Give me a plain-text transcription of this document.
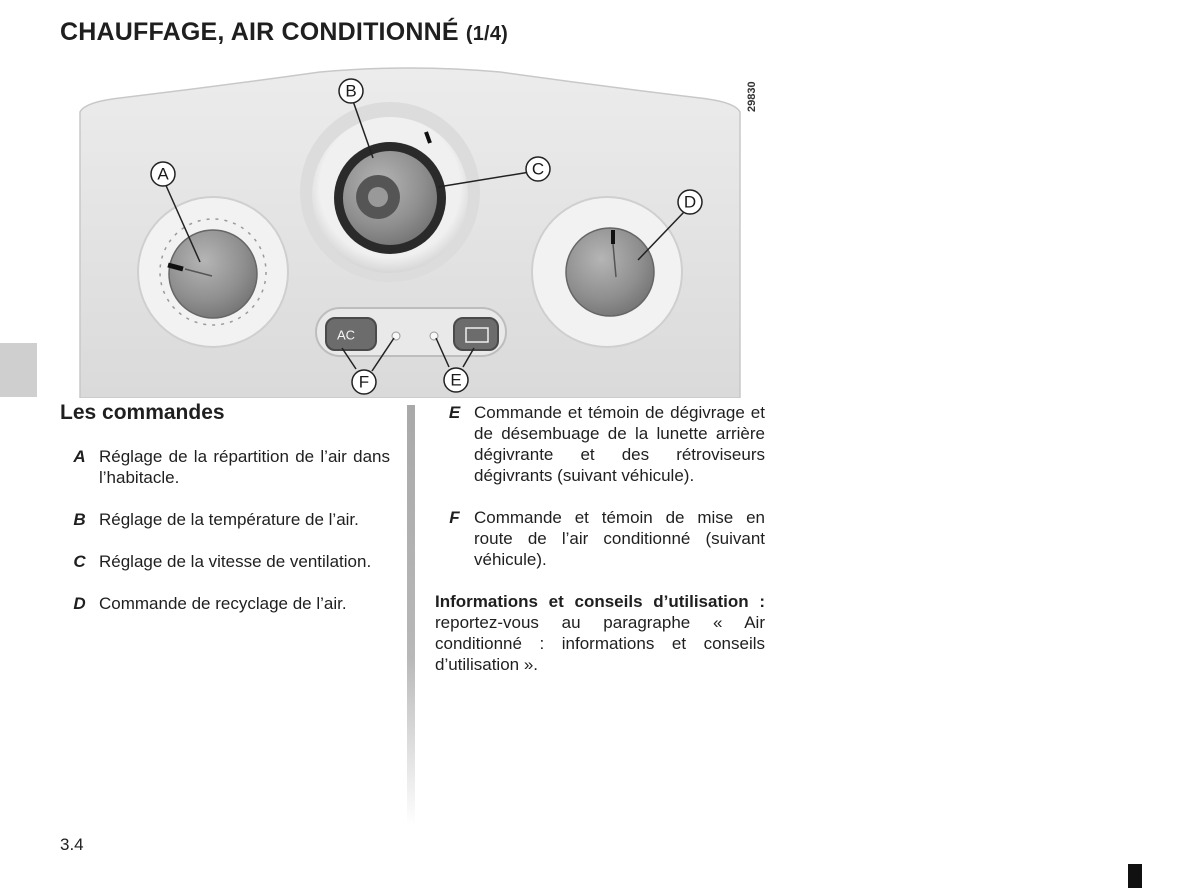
CHAUFFAGE, AIR CONDITIONNÉ (1/4)
AC
A
B
C
D
E
F
29830
Les commandes
A Réglage de la répartition de l’air dans l’habitacle.
B Réglage de la température de l’air.
C Réglage de la vitesse de ventilation.
D Commande de recyclage de l’air.
E Commande et témoin de dégivrage et de désembuage de la lunette arrière dégivrante et des rétroviseurs dégivrants (suivant véhicule).
F Commande et témoin de mise en route de l’air conditionné (suivant véhicule).

Informations et conseils d’utilisation : reportez-vous au paragraphe « Air conditionné : informations et conseils d’utilisation ».

3.4
